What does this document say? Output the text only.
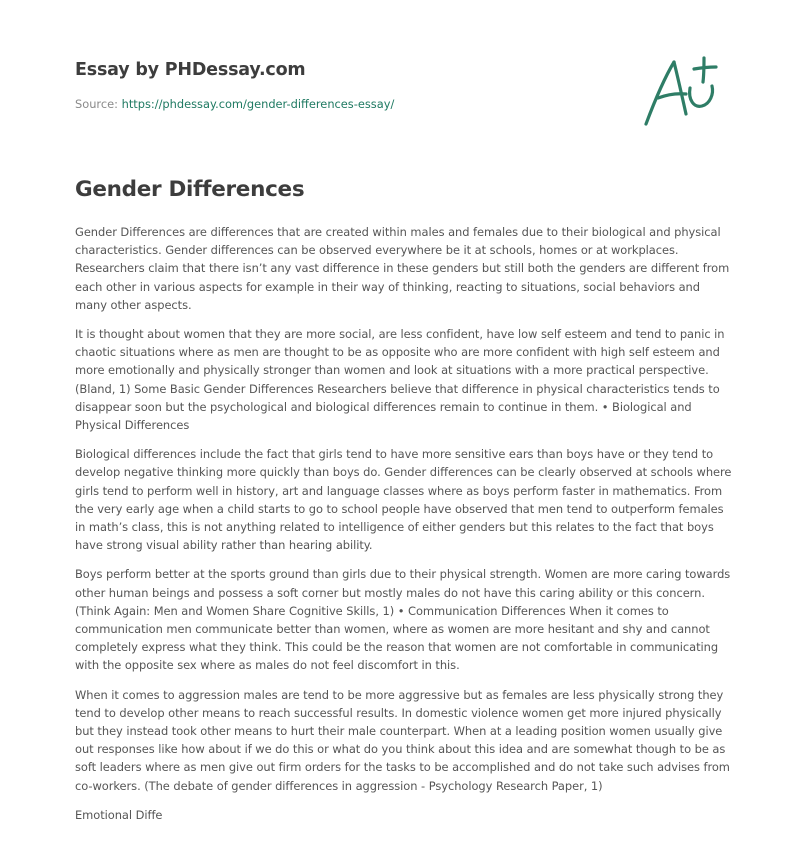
Essay by PHDessay.com
Source: https://phdessay.com/gender-differences-essay/
Gender Differences

Gender Differences are differences that are created within males and females due to their biological and physical characteristics. Gender differences can be observed everywhere be it at schools, homes or at workplaces. Researchers claim that there isn’t any vast difference in these genders but still both the genders are different from each other in various aspects for example in their way of thinking, reacting to situations, social behaviors and many other aspects.

It is thought about women that they are more social, are less confident, have low self esteem and tend to panic in chaotic situations where as men are thought to be as opposite who are more confident with high self esteem and more emotionally and physically stronger than women and look at situations with a more practical perspective. (Bland, 1) Some Basic Gender Differences Researchers believe that difference in physical characteristics tends to disappear soon but the psychological and biological differences remain to continue in them. • Biological and Physical Differences

Biological differences include the fact that girls tend to have more sensitive ears than boys have or they tend to develop negative thinking more quickly than boys do. Gender differences can be clearly observed at schools where girls tend to perform well in history, art and language classes where as boys perform faster in mathematics. From the very early age when a child starts to go to school people have observed that men tend to outperform females in math’s class, this is not anything related to intelligence of either genders but this relates to the fact that boys have strong visual ability rather than hearing ability.

Boys perform better at the sports ground than girls due to their physical strength. Women are more caring towards other human beings and possess a soft corner but mostly males do not have this caring ability or this concern. (Think Again: Men and Women Share Cognitive Skills, 1) • Communication Differences When it comes to communication men communicate better than women, where as women are more hesitant and shy and cannot completely express what they think. This could be the reason that women are not comfortable in communicating with the opposite sex where as males do not feel discomfort in this.

When it comes to aggression males are tend to be more aggressive but as females are less physically strong they tend to develop other means to reach successful results. In domestic violence women get more injured physically but they instead took other means to hurt their male counterpart. When at a leading position women usually give out responses like how about if we do this or what do you think about this idea and are somewhat though to be as soft leaders where as men give out firm orders for the tasks to be accomplished and do not take such advises from co-workers. (The debate of gender differences in aggression - Psychology Research Paper, 1)

Emotional Diffe
